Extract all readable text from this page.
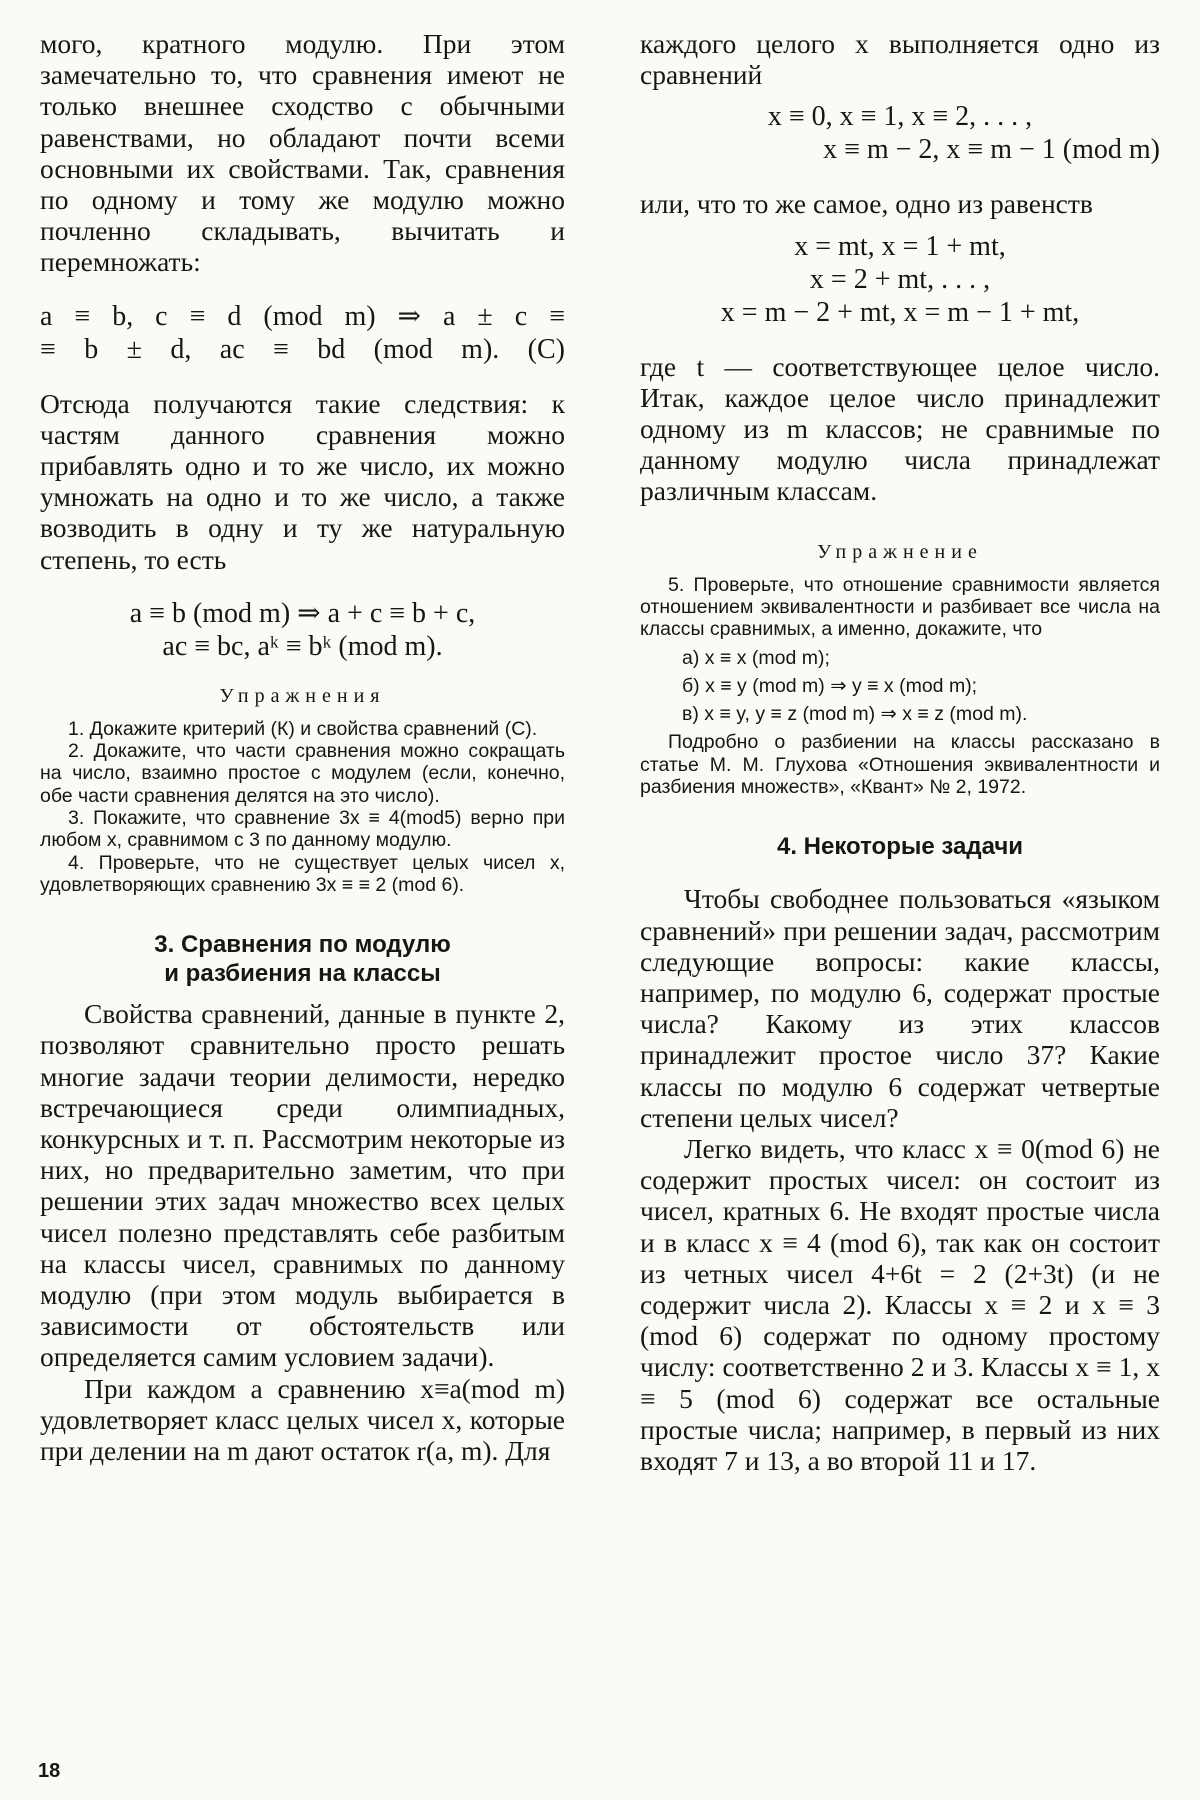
мого, кратного модулю. При этом замечательно то, что сравнения имеют не только внешнее сходство с обычными равенствами, но обладают почти всеми основными их свойствами. Так, сравнения по одному и тому же модулю можно почленно складывать, вычитать и перемножать:

a ≡ b, c ≡ d (mod m) ⇒ a ± c ≡

≡ b ± d, ac ≡ bd (mod m). (C)

Отсюда получаются такие следствия: к частям данного сравнения можно прибавлять одно и то же число, их можно умножать на одно и то же число, а также возводить в одну и ту же натуральную степень, то есть

a ≡ b (mod m) ⇒ a + c ≡ b + c,

ac ≡ bc, aᵏ ≡ bᵏ (mod m).

Упражнения

1. Докажите критерий (К) и свойства сравнений (С).

2. Докажите, что части сравнения можно сокращать на число, взаимно простое с модулем (если, конечно, обе части сравнения делятся на это число).

3. Покажите, что сравнение 3x ≡ 4(mod5) верно при любом x, сравнимом с 3 по данному модулю.

4. Проверьте, что не существует целых чисел x, удовлетворяющих сравнению 3x ≡ ≡ 2 (mod 6).

3. Сравнения по модулю

и разбиения на классы

Свойства сравнений, данные в пункте 2, позволяют сравнительно просто решать многие задачи теории делимости, нередко встречающиеся среди олимпиадных, конкурсных и т. п. Рассмотрим некоторые из них, но предварительно заметим, что при решении этих задач множество всех целых чисел полезно представлять себе разбитым на классы чисел, сравнимых по данному модулю (при этом модуль выбирается в зависимости от обстоятельств или определяется самим условием задачи).

При каждом a сравнению x≡a(mod m) удовлетворяет класс целых чисел x, которые при делении на m дают остаток r(a, m). Для

каждого целого x выполняется одно из сравнений

x ≡ 0, x ≡ 1, x ≡ 2, . . . ,

x ≡ m − 2, x ≡ m − 1 (mod m)

или, что то же самое, одно из равенств

x = mt, x = 1 + mt,

x = 2 + mt, . . . ,

x = m − 2 + mt, x = m − 1 + mt,

где t — соответствующее целое число. Итак, каждое целое число принадлежит одному из m классов; не сравнимые по данному модулю числа принадлежат различным классам.

Упражнение

5. Проверьте, что отношение сравнимости является отношением эквивалентности и разбивает все числа на классы сравнимых, а именно, докажите, что

а) x ≡ x (mod m);

б) x ≡ y (mod m) ⇒ y ≡ x (mod m);

в) x ≡ y, y ≡ z (mod m) ⇒ x ≡ z (mod m).

Подробно о разбиении на классы рассказано в статье М. М. Глухова «Отношения эквивалентности и разбиения множеств», «Квант» № 2, 1972.

4. Некоторые задачи

Чтобы свободнее пользоваться «языком сравнений» при решении задач, рассмотрим следующие вопросы: какие классы, например, по модулю 6, содержат простые числа? Какому из этих классов принадлежит простое число 37? Какие классы по модулю 6 содержат четвертые степени целых чисел?

Легко видеть, что класс x ≡ 0(mod 6) не содержит простых чисел: он состоит из чисел, кратных 6. Не входят простые числа и в класс x ≡ 4 (mod 6), так как он состоит из четных чисел 4+6t = 2 (2+3t) (и не содержит числа 2). Классы x ≡ 2 и x ≡ 3 (mod 6) содержат по одному простому числу: соответственно 2 и 3. Классы x ≡ 1, x ≡ 5 (mod 6) содержат все остальные простые числа; например, в первый из них входят 7 и 13, а во второй 11 и 17.

18
